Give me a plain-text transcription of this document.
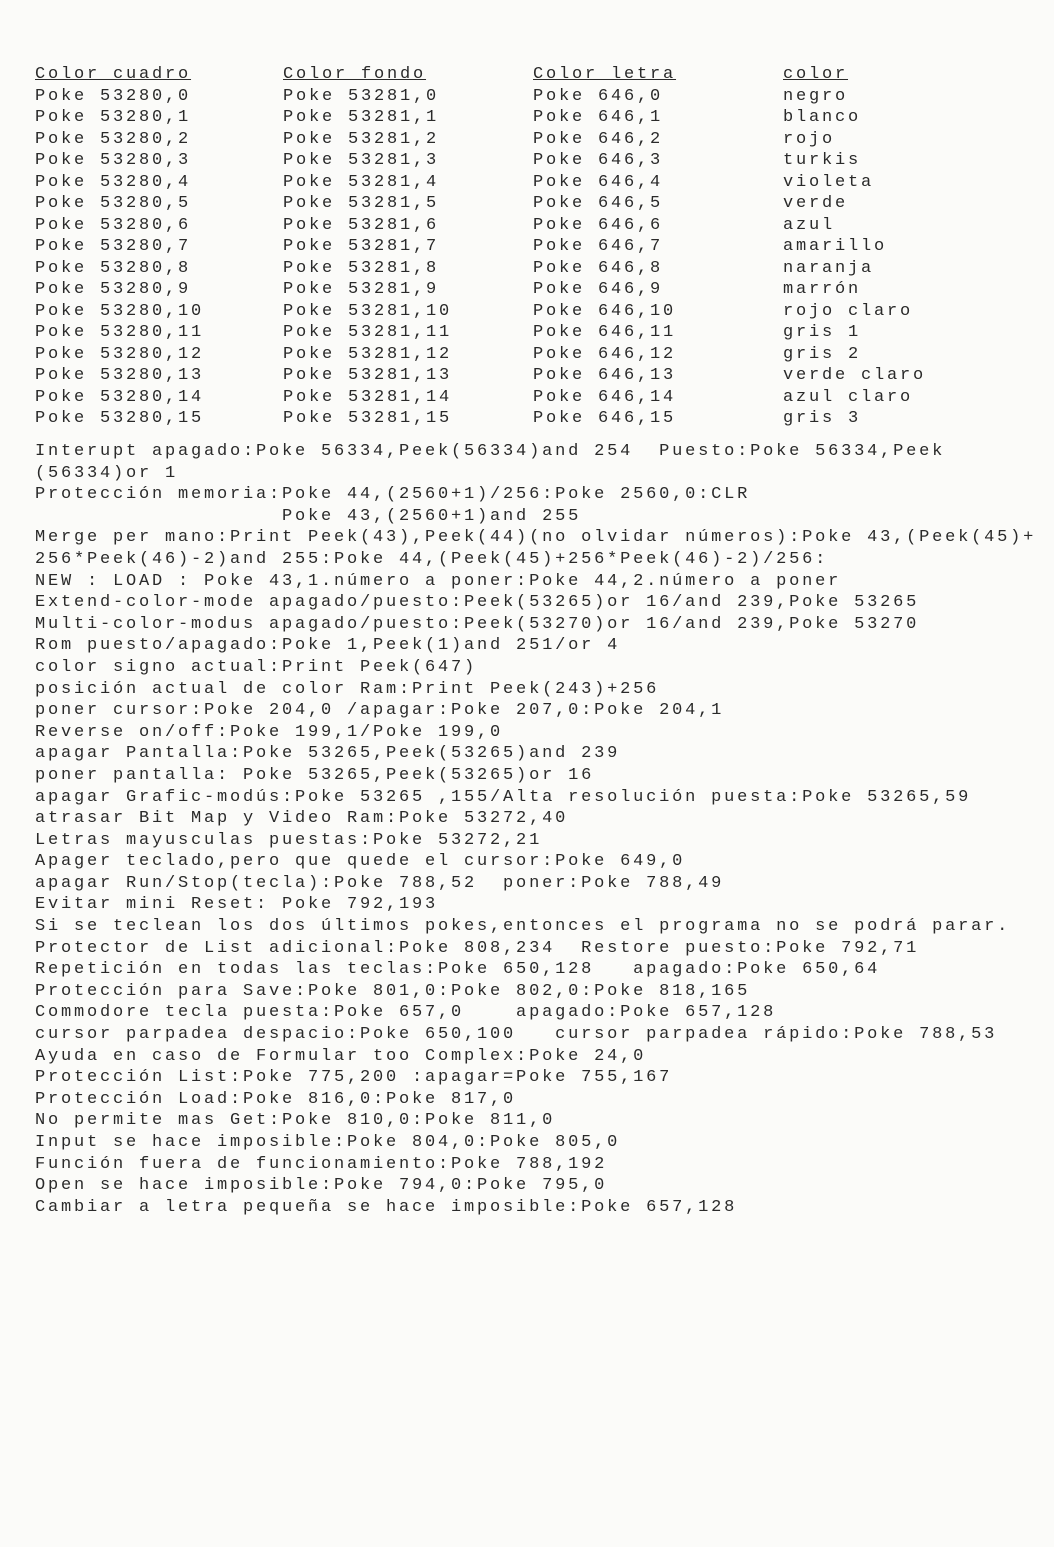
Color cuadro
Poke 53280,0
Poke 53280,1
Poke 53280,2
Poke 53280,3
Poke 53280,4
Poke 53280,5
Poke 53280,6
Poke 53280,7
Poke 53280,8
Poke 53280,9
Poke 53280,10
Poke 53280,11
Poke 53280,12
Poke 53280,13
Poke 53280,14
Poke 53280,15
Color fondo
Poke 53281,0
Poke 53281,1
Poke 53281,2
Poke 53281,3
Poke 53281,4
Poke 53281,5
Poke 53281,6
Poke 53281,7
Poke 53281,8
Poke 53281,9
Poke 53281,10
Poke 53281,11
Poke 53281,12
Poke 53281,13
Poke 53281,14
Poke 53281,15
Color letra
Poke 646,0
Poke 646,1
Poke 646,2
Poke 646,3
Poke 646,4
Poke 646,5
Poke 646,6
Poke 646,7
Poke 646,8
Poke 646,9
Poke 646,10
Poke 646,11
Poke 646,12
Poke 646,13
Poke 646,14
Poke 646,15
color
negro
blanco
rojo
turkis
violeta
verde
azul
amarillo
naranja
marrón
rojo claro
gris 1
gris 2
verde claro
azul claro
gris 3
Interupt apagado:Poke 56334,Peek(56334)and 254  Puesto:Poke 56334,Peek
(56334)or 1
Protección memoria:Poke 44,(2560+1)/256:Poke 2560,0:CLR
Poke 43,(2560+1)and 255
Merge per mano:Print Peek(43),Peek(44)(no olvidar números):Poke 43,(Peek(45)+
256*Peek(46)-2)and 255:Poke 44,(Peek(45)+256*Peek(46)-2)/256:
NEW : LOAD : Poke 43,1.número a poner:Poke 44,2.número a poner
Extend-color-mode apagado/puesto:Peek(53265)or 16/and 239,Poke 53265
Multi-color-modus apagado/puesto:Peek(53270)or 16/and 239,Poke 53270
Rom puesto/apagado:Poke 1,Peek(1)and 251/or 4
color signo actual:Print Peek(647)
posición actual de color Ram:Print Peek(243)+256
poner cursor:Poke 204,0 /apagar:Poke 207,0:Poke 204,1
Reverse on/off:Poke 199,1/Poke 199,0
apagar Pantalla:Poke 53265,Peek(53265)and 239
poner pantalla: Poke 53265,Peek(53265)or 16
apagar Grafic-modús:Poke 53265 ,155/Alta resolución puesta:Poke 53265,59
atrasar Bit Map y Video Ram:Poke 53272,40
Letras mayusculas puestas:Poke 53272,21
Apager teclado,pero que quede el cursor:Poke 649,0
apagar Run/Stop(tecla):Poke 788,52  poner:Poke 788,49
Evitar mini Reset: Poke 792,193
Si se teclean los dos últimos pokes,entonces el programa no se podrá parar.
Protector de List adicional:Poke 808,234  Restore puesto:Poke 792,71
Repetición en todas las teclas:Poke 650,128   apagado:Poke 650,64
Protección para Save:Poke 801,0:Poke 802,0:Poke 818,165
Commodore tecla puesta:Poke 657,0    apagado:Poke 657,128
cursor parpadea despacio:Poke 650,100   cursor parpadea rápido:Poke 788,53
Ayuda en caso de Formular too Complex:Poke 24,0
Protección List:Poke 775,200 :apagar=Poke 755,167
Protección Load:Poke 816,0:Poke 817,0
No permite mas Get:Poke 810,0:Poke 811,0
Input se hace imposible:Poke 804,0:Poke 805,0
Función fuera de funcionamiento:Poke 788,192
Open se hace imposible:Poke 794,0:Poke 795,0
Cambiar a letra pequeña se hace imposible:Poke 657,128
